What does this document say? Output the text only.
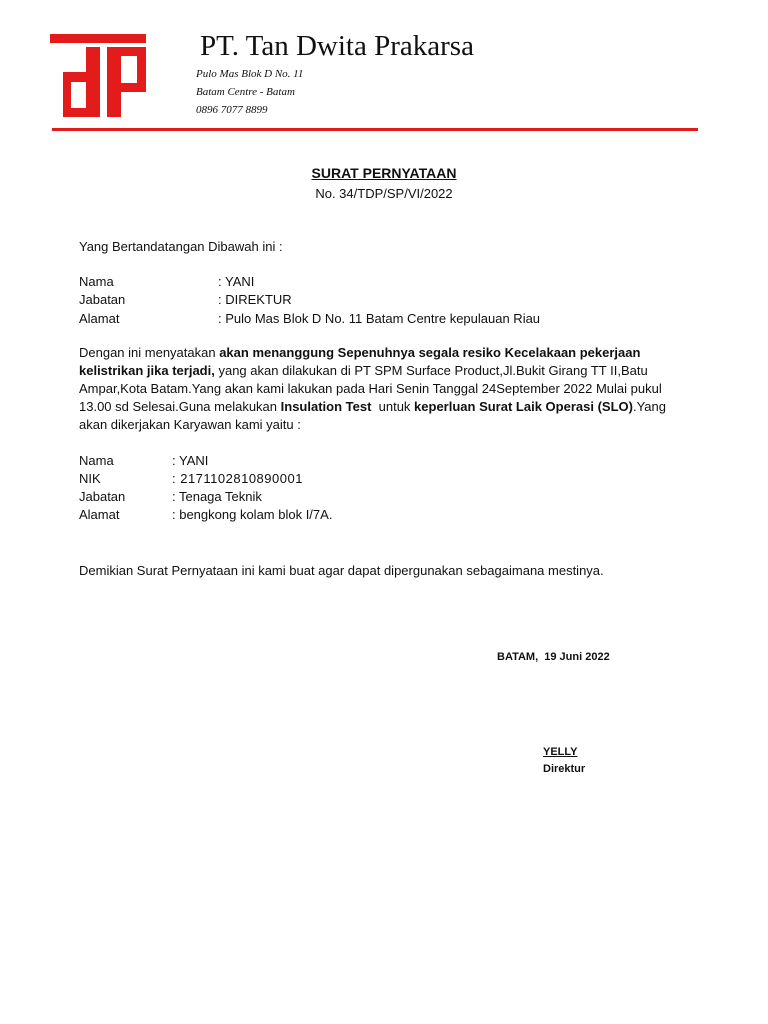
PT. Tan Dwita Prakarsa
Pulo Mas Blok D No. 11
Batam Centre - Batam
0896 7077 8899
SURAT PERNYATAAN
No. 34/TDP/SP/VI/2022
Yang Bertandatangan Dibawah ini :
Nama	: YANI
Jabatan	: DIREKTUR
Alamat	: Pulo Mas Blok D No. 11 Batam Centre kepulauan Riau
Dengan ini menyatakan akan menanggung Sepenuhnya segala resiko Kecelakaan pekerjaan kelistrikan jika terjadi, yang akan dilakukan di PT SPM Surface Product,Jl.Bukit Girang TT II,Batu Ampar,Kota Batam.Yang akan kami lakukan pada Hari Senin Tanggal 24September 2022 Mulai pukul 13.00 sd Selesai.Guna melakukan Insulation Test  untuk keperluan Surat Laik Operasi (SLO).Yang akan dikerjakan Karyawan kami yaitu :
Nama	: YANI
NIK	: 2171102810890001
Jabatan	: Tenaga Teknik
Alamat	: bengkong kolam blok I/7A.
Demikian Surat Pernyataan ini kami buat agar dapat dipergunakan sebagaimana mestinya.
BATAM,  19 Juni 2022
YELLY
Direktur
